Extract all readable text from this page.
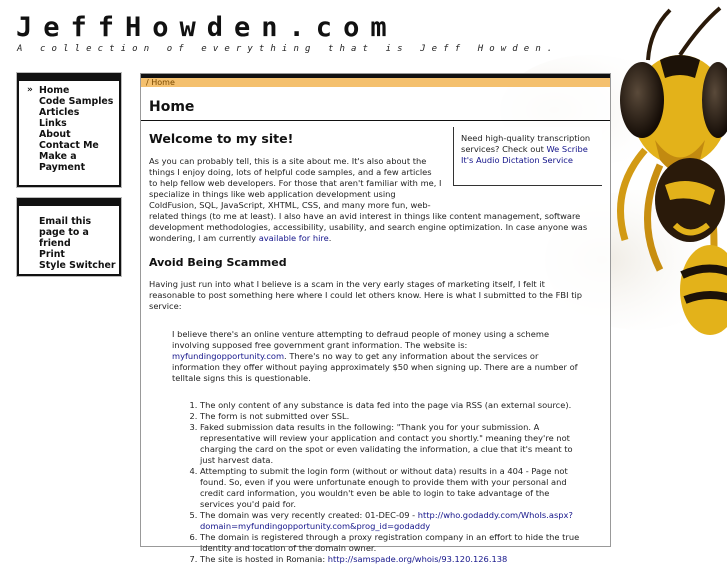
JeffHowden.com

A collection of everything that is Jeff Howden.

» Home
Code Samples
Articles
Links
About
Contact Me
Make a Payment
Email this page to a friend
Print
Style Switcher
/ Home
Home

Need high-quality transcription services? Check out We Scribe It's Audio Dictation Service

Welcome to my site!
As you can probably tell, this is a site about me. It's also about the
things I enjoy doing, lots of helpful code samples, and a few articles
to help fellow web developers. For those that aren't familiar with me, I
specialize in things like web application development using
ColdFusion, SQL, JavaScript, XHTML, CSS, and many more fun, web-
related things (to me at least). I also have an avid interest in things like content management, software
development methodologies, accessibility, usability, and search engine optimization. In case anyone was
wondering, I am currently available for hire.
Avoid Being Scammed

Having just run into what I believe is a scam in the very early stages of marketing itself, I felt it reasonable to post something here where I could let others know. Here is what I submitted to the FBI tip service:

I believe there's an online venture attempting to defraud people of money using a scheme involving supposed free government grant information. The website is: myfundingopportunity.com. There's no way to get any information about the services or information they offer without paying approximately $50 when signing up. There are a number of telltale signs this is questionable.

1. The only content of any substance is data fed into the page via RSS (an external source).
2. The form is not submitted over SSL.
3. Faked submission data results in the following: "Thank you for your submission. A representative will review your application and contact you shortly." meaning they're not charging the card on the spot or even validating the information, a clue that it's meant to just harvest data.
4. Attempting to submit the login form (without or without data) results in a 404 - Page not found. So, even if you were unfortunate enough to provide them with your personal and credit card information, you wouldn't even be able to login to take advantage of the services you'd paid for.
5. The domain was very recently created: 01-DEC-09 - http://who.godaddy.com/WhoIs.aspx?domain=myfundingopportunity.com&prog_id=godaddy
6. The domain is registered through a proxy registration company in an effort to hide the true identity and location of the domain owner.
7. The site is hosted in Romania: http://samspade.org/whois/93.120.126.138
